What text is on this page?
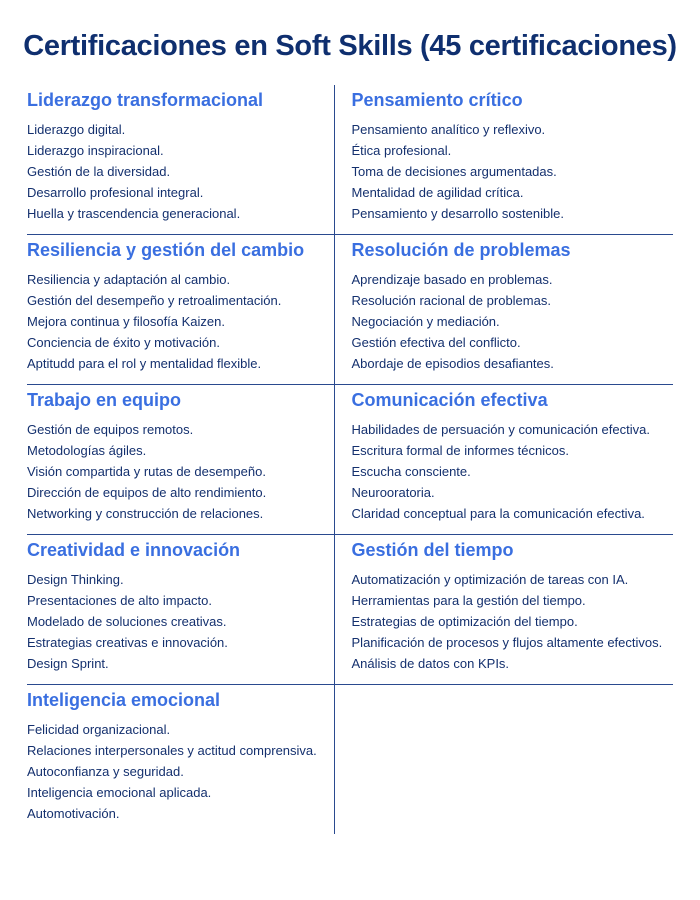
Certificaciones en Soft Skills (45 certificaciones)
Liderazgo transformacional
Liderazgo digital.
Liderazgo inspiracional.
Gestión de la diversidad.
Desarrollo profesional integral.
Huella y trascendencia generacional.
Pensamiento crítico
Pensamiento analítico y reflexivo.
Ética profesional.
Toma de decisiones argumentadas.
Mentalidad de agilidad crítica.
Pensamiento y desarrollo sostenible.
Resiliencia y gestión del cambio
Resiliencia y adaptación al cambio.
Gestión del desempeño y retroalimentación.
Mejora continua y filosofía Kaizen.
Conciencia de éxito y motivación.
Aptitudd para el rol y mentalidad flexible.
Resolución de problemas
Aprendizaje basado en problemas.
Resolución racional de problemas.
Negociación y mediación.
Gestión efectiva del conflicto.
Abordaje de episodios desafiantes.
Trabajo en equipo
Gestión de equipos remotos.
Metodologías ágiles.
Visión compartida y rutas de desempeño.
Dirección de equipos de alto rendimiento.
Networking y construcción de relaciones.
Comunicación efectiva
Habilidades de persuación y comunicación efectiva.
Escritura formal de informes técnicos.
Escucha consciente.
Neurooratoria.
Claridad conceptual para la comunicación efectiva.
Creatividad e innovación
Design Thinking.
Presentaciones de alto impacto.
Modelado de soluciones creativas.
Estrategias creativas e innovación.
Design Sprint.
Gestión del tiempo
Automatización y optimización de tareas con IA.
Herramientas para la gestión del tiempo.
Estrategias de optimización del tiempo.
Planificación de procesos y flujos altamente efectivos.
Análisis de datos con KPIs.
Inteligencia emocional
Felicidad organizacional.
Relaciones interpersonales y actitud comprensiva.
Autoconfianza y seguridad.
Inteligencia emocional aplicada.
Automotivación.
